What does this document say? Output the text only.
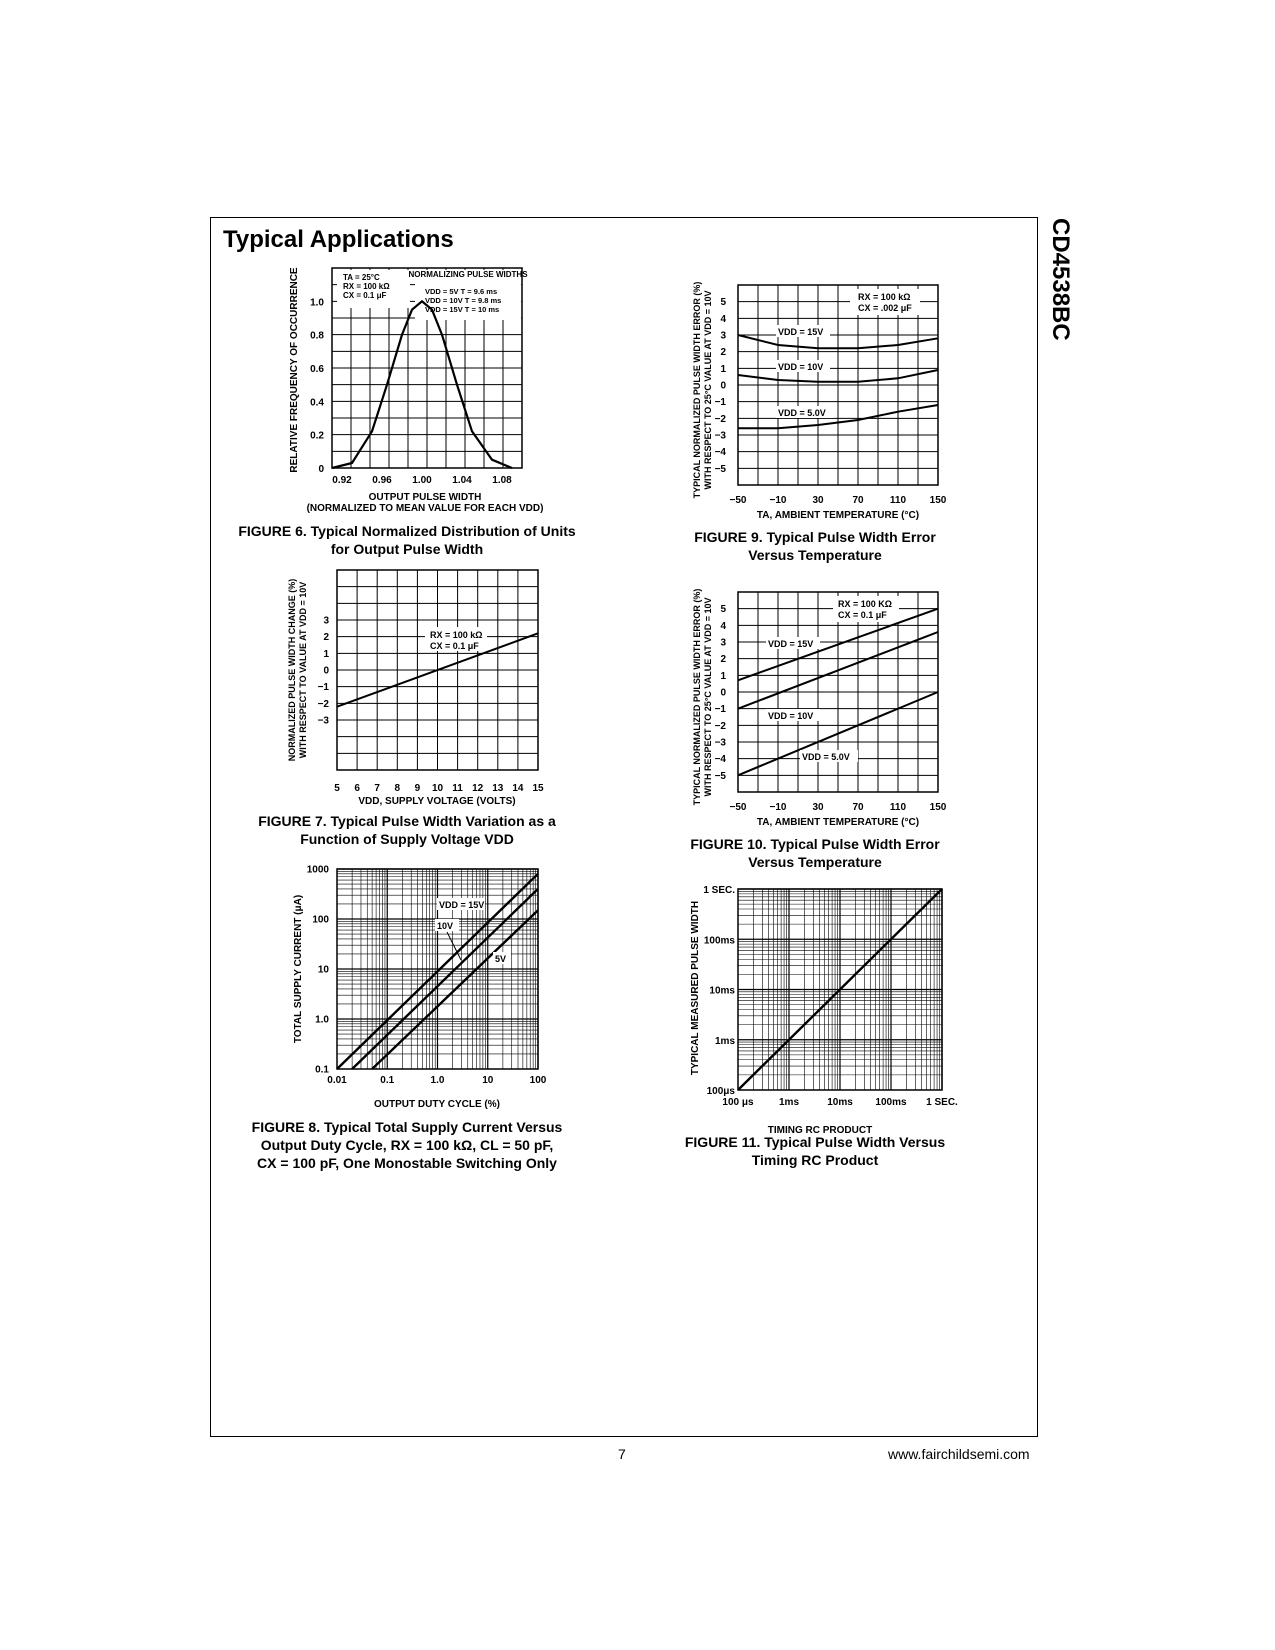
Typical Applications	CD4538BC
TA = 25°C
RX = 100 kΩ
CX = 0.1 μF
NORMALIZING PULSE WIDTHS
VDD = 5V T = 9.6 ms
VDD = 10V T = 9.8 ms
VDD = 15V T = 10 ms
0
0.2
0.4
0.6
0.8
1.0
0.92 0.96 1.00 1.04 1.08
RELATIVE FREQUENCY OF OCCURRENCE
OUTPUT PULSE WIDTH
(NORMALIZED TO MEAN VALUE FOR EACH VDD)
FIGURE 6. Typical Normalized Distribution of Units
for Output Pulse Width
RX = 100 kΩ
CX = .002 μF
VDD = 15V
VDD = 10V
VDD = 5.0V
5
4
3
2
1
0
−1
−2
−3
−4
−5
−50 −10	30	70	110 150
TYPICAL NORMALIZED PULSE WIDTH ERROR (%) WITH RESPECT TO 25°C VALUE AT VDD = 10V
TA, AMBIENT TEMPERATURE (°C)
FIGURE 9. Typical Pulse Width Error
Versus Temperature
RX = 100 kΩ
CX = 0.1 μF
3
2
1
0
−1
−2
−3
5 6 7 8 9 10 11 12 13 14 15
NORMALIZED PULSE WIDTH CHANGE (%) WITH RESPECT TO VALUE AT VDD = 10V
VDD, SUPPLY VOLTAGE (VOLTS)
FIGURE 7. Typical Pulse Width Variation as a
Function of Supply Voltage VDD
RX = 100 KΩ
CX = 0.1 μF
VDD = 15V
VDD = 10V
VDD = 5.0V
5
4
3
2
1
0
−1
−2
−3
−4
−5
−50 −10	30	70	110 150
TYPICAL NORMALIZED PULSE WIDTH ERROR (%) WITH RESPECT TO 25°C VALUE AT VDD = 10V
TA, AMBIENT TEMPERATURE (°C)
FIGURE 10. Typical Pulse Width Error
Versus Temperature
VDD = 15V
10V
5V
1000
100
10
1.0
0.1
0.01	0.1	1.0	10	100
TOTAL SUPPLY CURRENT (μA)
OUTPUT DUTY CYCLE (%)
FIGURE 8. Typical Total Supply Current Versus
Output Duty Cycle, RX = 100 kΩ, CL = 50 pF,
CX = 100 pF, One Monostable Switching Only
1 SEC.
100ms
10ms
1ms
100μs
100 μs	1ms	10ms 100ms 1 SEC.
TYPICAL MEASURED PULSE WIDTH
TIMING RC PRODUCT
FIGURE 11. Typical Pulse Width Versus
Timing RC Product
7	www.fairchildsemi.com
